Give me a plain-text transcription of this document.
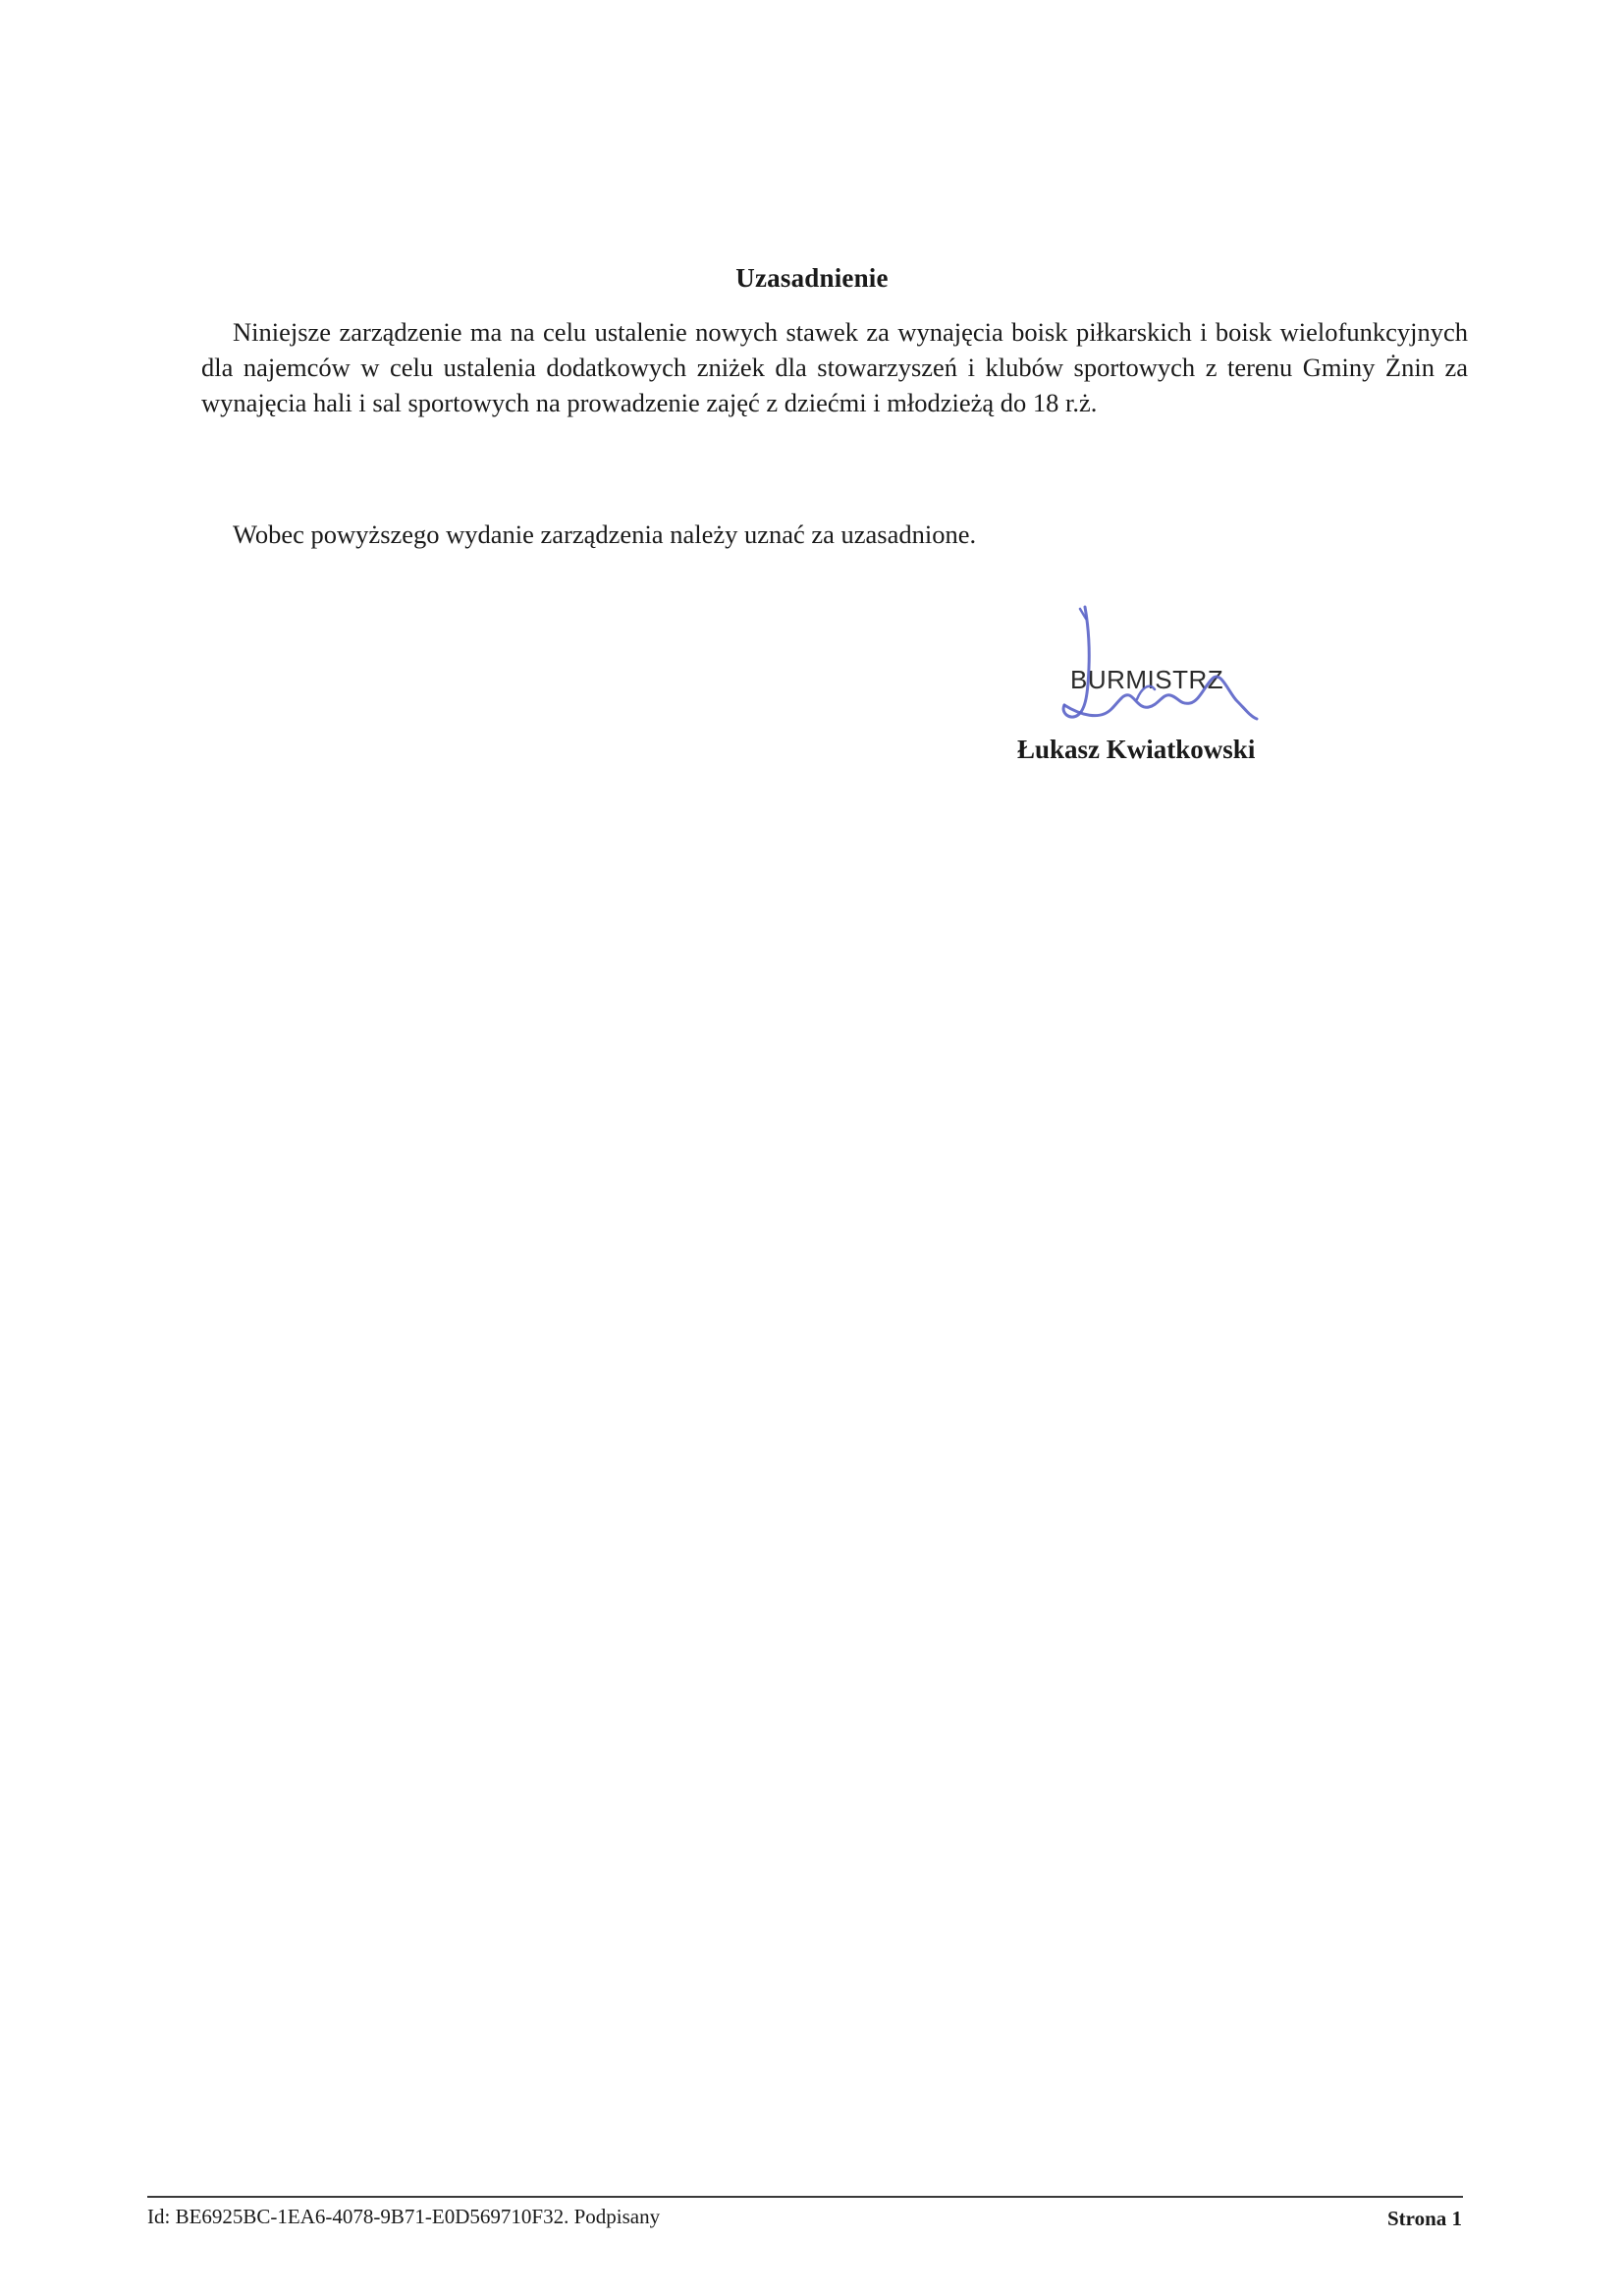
Uzasadnienie
Niniejsze zarządzenie ma na celu ustalenie nowych stawek za wynajęcia boisk piłkarskich i boisk wielofunkcyjnych dla najemców w celu ustalenia dodatkowych zniżek dla stowarzyszeń i klubów sportowych z terenu Gminy Żnin za wynajęcia hali i sal sportowych na prowadzenie zajęć z dziećmi i młodzieżą do 18 r.ż.
Wobec powyższego wydanie zarządzenia należy uznać za uzasadnione.
BURMISTRZ
Łukasz Kwiatkowski
Id: BE6925BC-1EA6-4078-9B71-E0D569710F32. Podpisany	Strona 1
